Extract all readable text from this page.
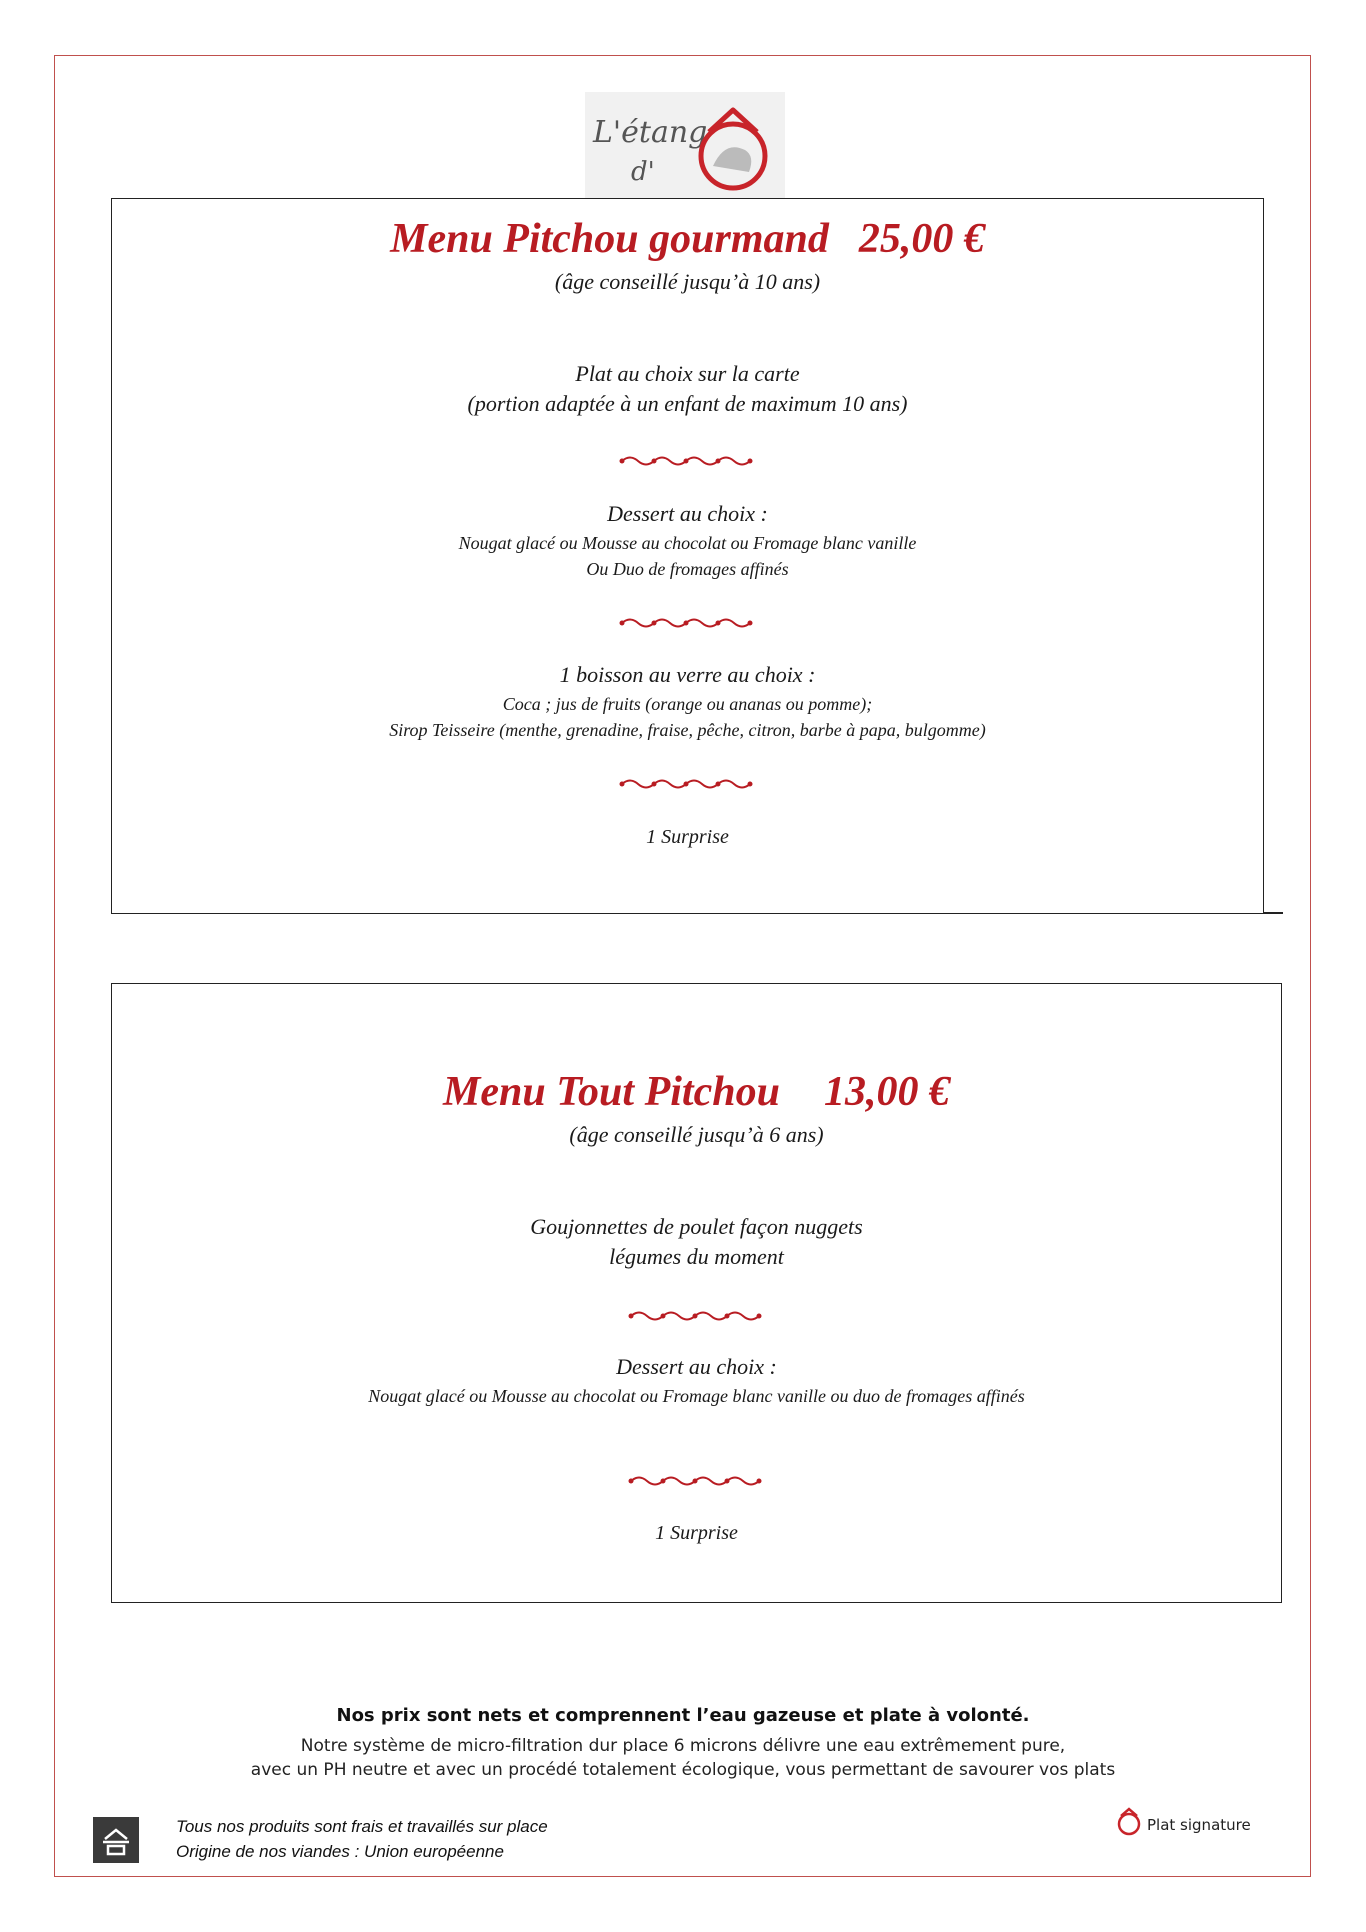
L'étang
d'
Menu Pitchou gourmand 25,00 €
(âge conseillé jusqu’à 10 ans)
Plat au choix sur la carte
(portion adaptée à un enfant de maximum 10 ans)
Dessert au choix :
Nougat glacé ou Mousse au chocolat ou Fromage blanc vanille
Ou Duo de fromages affinés
1 boisson au verre au choix :
Coca ; jus de fruits (orange ou ananas ou pomme);
Sirop Teisseire (menthe, grenadine, fraise, pêche, citron, barbe à papa, bulgomme)
1 Surprise
Menu Tout Pitchou 13,00 €
(âge conseillé jusqu’à 6 ans)
Goujonnettes de poulet façon nuggets
légumes du moment
Dessert au choix :
Nougat glacé ou Mousse au chocolat ou Fromage blanc vanille ou duo de fromages affinés
1 Surprise
Nos prix sont nets et comprennent l’eau gazeuse et plate à volonté.
Notre système de micro-filtration dur place 6 microns délivre une eau extrêmement pure,
avec un PH neutre et avec un procédé totalement écologique, vous permettant de savourer vos plats
Tous nos produits sont frais et travaillés sur place
Origine de nos viandes : Union européenne
Plat signature
